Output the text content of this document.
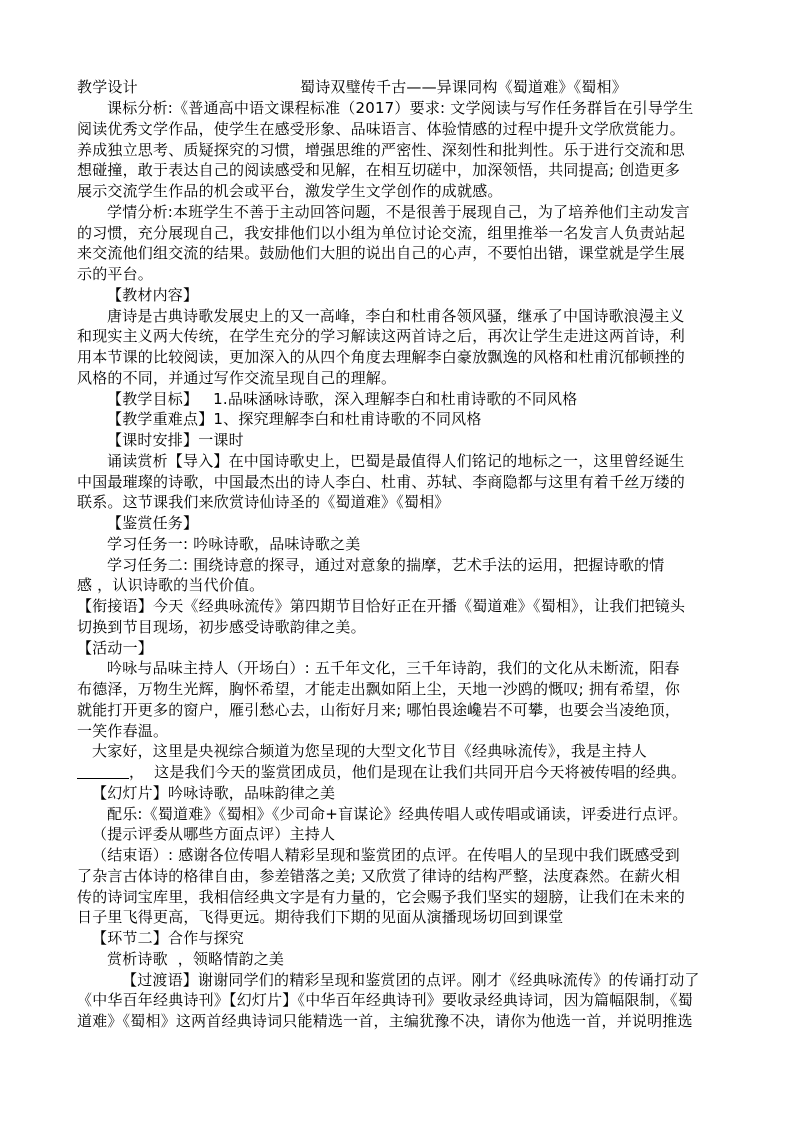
教学设计	蜀诗双璧传千古——异课同构《蜀道难》《蜀相》
课标分析:《普通高中语文课程标准（2017）要求: 文学阅读与写作任务群旨在引导学生
阅读优秀文学作品，使学生在感受形象、品味语言、体验情感的过程中提升文学欣赏能力。
养成独立思考、质疑探究的习惯，增强思维的严密性、深刻性和批判性。乐于进行交流和思
想碰撞，敢于表达自己的阅读感受和见解，在相互切磋中，加深领悟，共同提高; 创造更多
展示交流学生作品的机会或平台，激发学生文学创作的成就感。
学情分析:本班学生不善于主动回答问题，不是很善于展现自己，为了培养他们主动发言
的习惯，充分展现自己，我安排他们以小组为单位讨论交流，组里推举一名发言人负责站起
来交流他们组交流的结果。鼓励他们大胆的说出自己的心声，不要怕出错，课堂就是学生展
示的平台。
【教材内容】
唐诗是古典诗歌发展史上的又一高峰，李白和杜甫各领风骚，继承了中国诗歌浪漫主义
和现实主义两大传统，在学生充分的学习解读这两首诗之后，再次让学生走进这两首诗，利
用本节课的比较阅读，更加深入的从四个角度去理解李白豪放飘逸的风格和杜甫沉郁顿挫的
风格的不同，并通过写作交流呈现自己的理解。
【教学目标】   1.品味涵咏诗歌，深入理解李白和杜甫诗歌的不同风格
【教学重难点】1、探究理解李白和杜甫诗歌的不同风格
【课时安排】一课时
诵读赏析【导入】在中国诗歌史上，巴蜀是最值得人们铭记的地标之一，这里曾经诞生
中国最璀璨的诗歌，中国最杰出的诗人李白、杜甫、苏轼、李商隐都与这里有着千丝万缕的
联系。这节课我们来欣赏诗仙诗圣的《蜀道难》《蜀相》
【鉴赏任务】
学习任务一: 吟咏诗歌，品味诗歌之美
学习任务二: 围绕诗意的探寻，通过对意象的揣摩，艺术手法的运用，把握诗歌的情
感 ，认识诗歌的当代价值。
【衔接语】今天《经典咏流传》第四期节目恰好正在开播《蜀道难》《蜀相》，让我们把镜头
切换到节目现场，初步感受诗歌韵律之美。
【活动一】
吟咏与品味主持人（开场白）: 五千年文化，三千年诗韵，我们的文化从未断流，阳春
布德泽，万物生光辉，胸怀希望，才能走出飘如陌上尘，天地一沙鸥的慨叹; 拥有希望，你
就能打开更多的窗户，雁引愁心去，山衔好月来; 哪怕畏途巉岩不可攀，也要会当凌绝顶，
一笑作春温。
大家好，这里是央视综合频道为您呈现的大型文化节目《经典咏流传》，我是主持人
，  这是我们今天的鉴赏团成员，他们是现在让我们共同开启今天将被传唱的经典。
【幻灯片】吟咏诗歌，品味韵律之美
配乐:《蜀道难》《蜀相》《少司命+盲谋论》经典传唱人或传唱或诵读，评委进行点评。
（提示评委从哪些方面点评）主持人
（结束语）: 感谢各位传唱人精彩呈现和鉴赏团的点评。在传唱人的呈现中我们既感受到
了杂言古体诗的格律自由，参差错落之美; 又欣赏了律诗的结构严整，法度森然。在薪火相
传的诗词宝库里，我相信经典文字是有力量的，它会赐予我们坚实的翅膀，让我们在未来的
日子里飞得更高，飞得更远。期待我们下期的见面从演播现场切回到课堂
【环节二】合作与探究
赏析诗歌  ，领略情韵之美
【过渡语】谢谢同学们的精彩呈现和鉴赏团的点评。刚才《经典咏流传》的传诵打动了
《中华百年经典诗刊》【幻灯片】《中华百年经典诗刊》要收录经典诗词，因为篇幅限制，《蜀
道难》《蜀相》这两首经典诗词只能精选一首，主编犹豫不决，请你为他选一首，并说明推选
